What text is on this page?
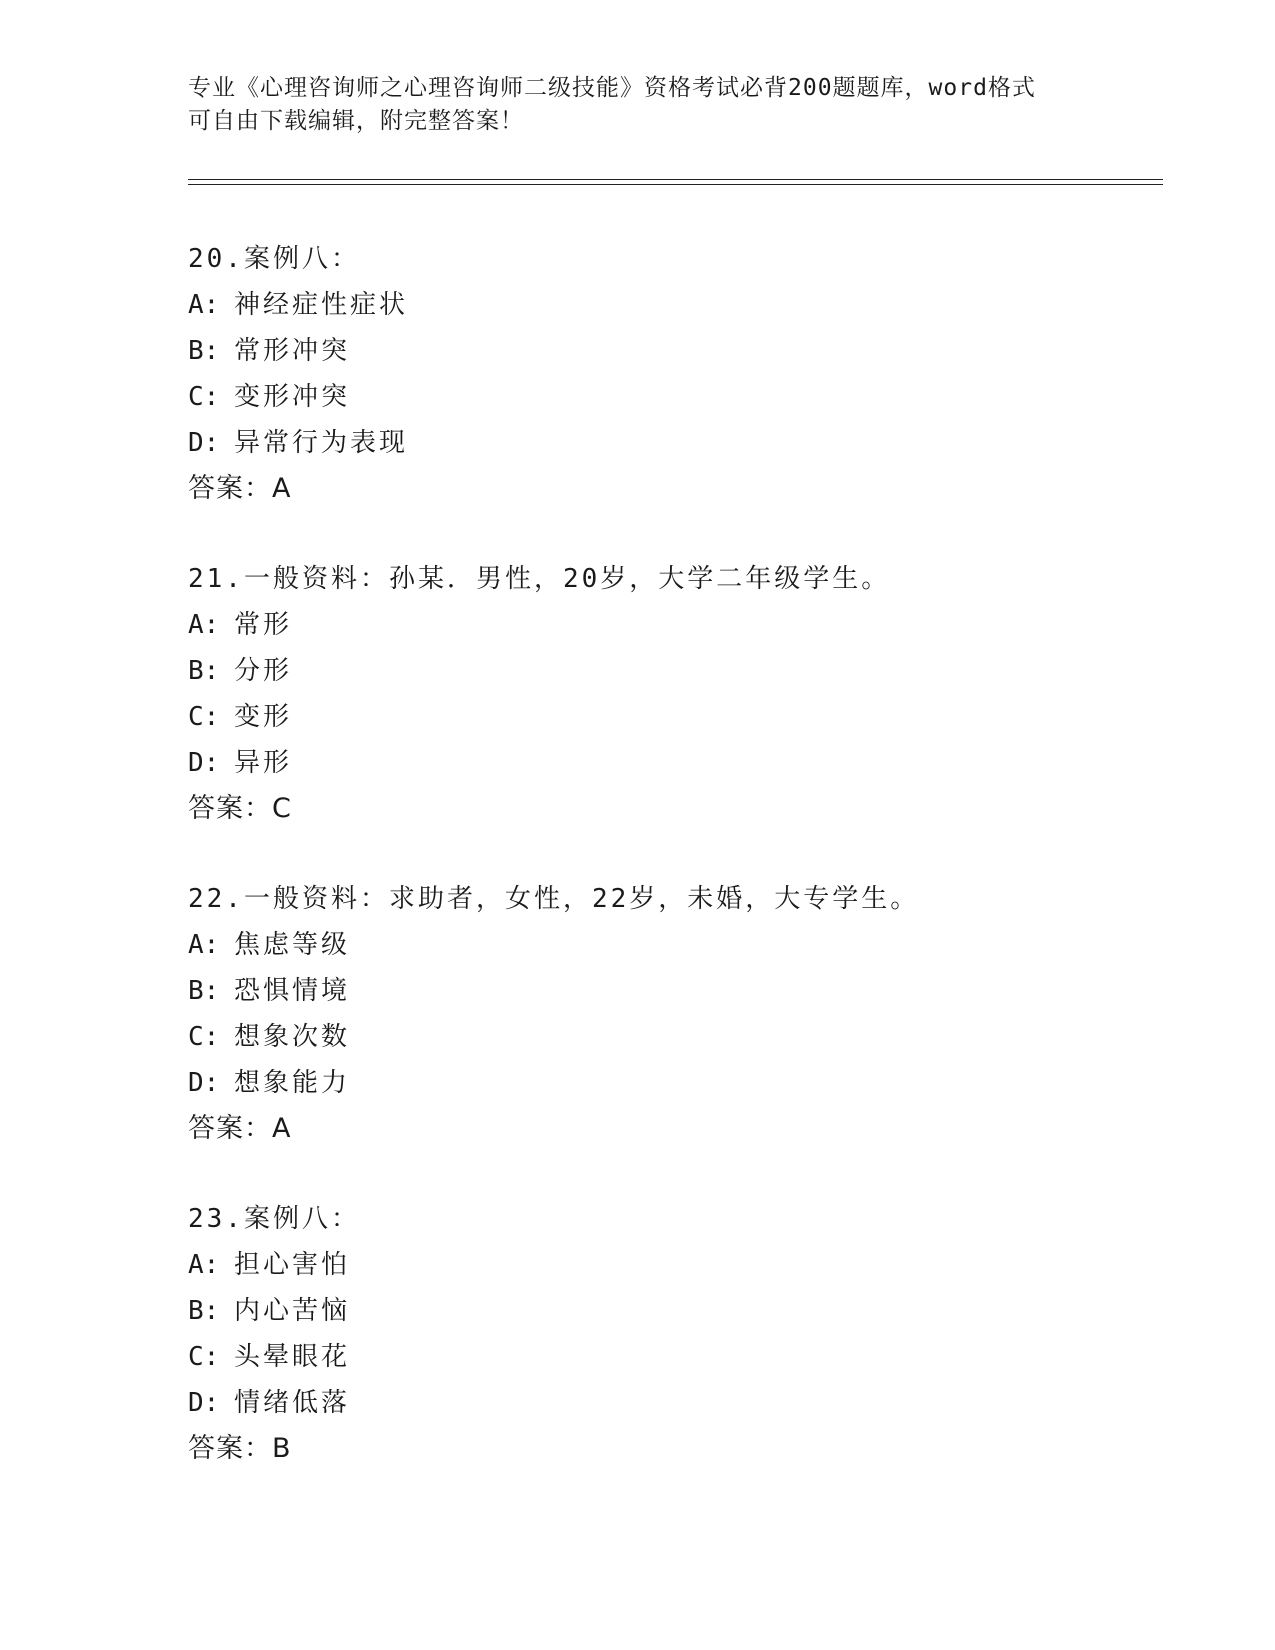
专业《心理咨询师之心理咨询师二级技能》资格考试必背200题题库，word格式
可自由下载编辑，附完整答案！
20.案例八：
A: 神经症性症状
B: 常形冲突
C: 变形冲突
D: 异常行为表现
答案：A
21.一般资料：孙某．男性，20岁，大学二年级学生。
A: 常形
B: 分形
C: 变形
D: 异形
答案：C
22.一般资料：求助者，女性，22岁，未婚，大专学生。
A: 焦虑等级
B: 恐惧情境
C: 想象次数
D: 想象能力
答案：A
23.案例八：
A: 担心害怕
B: 内心苦恼
C: 头晕眼花
D: 情绪低落
答案：B
